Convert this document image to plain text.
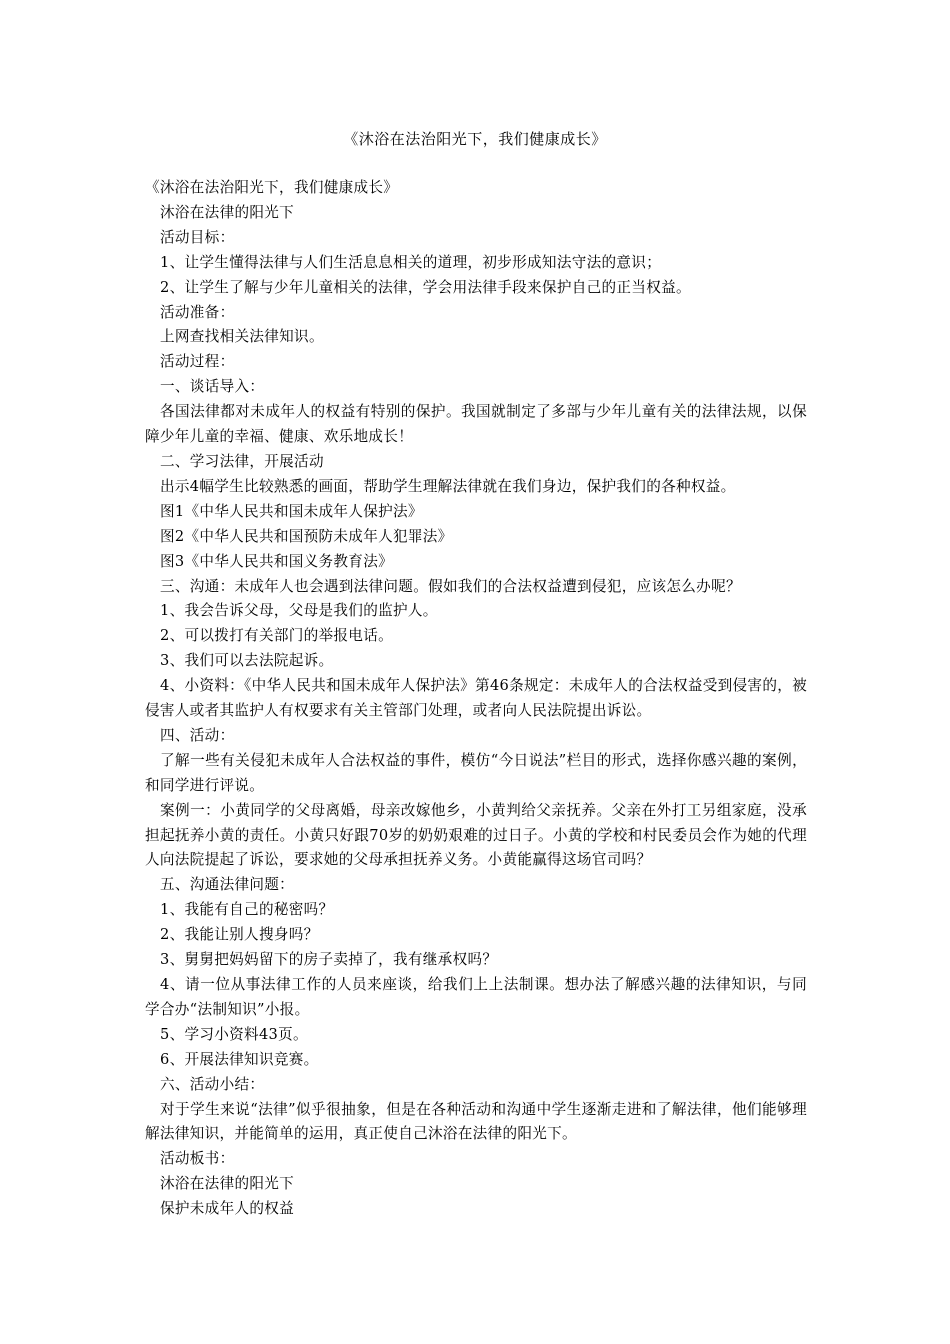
《沐浴在法治阳光下，我们健康成长》

《沐浴在法治阳光下，我们健康成长》

沐浴在法律的阳光下

活动目标：

1、让学生懂得法律与人们生活息息相关的道理，初步形成知法守法的意识；

2、让学生了解与少年儿童相关的法律，学会用法律手段来保护自己的正当权益。

活动准备：

上网查找相关法律知识。

活动过程：

一、谈话导入：

各国法律都对未成年人的权益有特别的保护。我国就制定了多部与少年儿童有关的法律法规，以保障少年儿童的幸福、健康、欢乐地成长！

二、学习法律，开展活动

出示4幅学生比较熟悉的画面，帮助学生理解法律就在我们身边，保护我们的各种权益。

图1《中华人民共和国未成年人保护法》

图2《中华人民共和国预防未成年人犯罪法》

图3《中华人民共和国义务教育法》

三、沟通：未成年人也会遇到法律问题。假如我们的合法权益遭到侵犯，应该怎么办呢？

1、我会告诉父母，父母是我们的监护人。

2、可以拨打有关部门的举报电话。

3、我们可以去法院起诉。

4、小资料：《中华人民共和国未成年人保护法》第46条规定：未成年人的合法权益受到侵害的，被侵害人或者其监护人有权要求有关主管部门处理，或者向人民法院提出诉讼。

四、活动：

了解一些有关侵犯未成年人合法权益的事件，模仿“今日说法”栏目的形式，选择你感兴趣的案例，和同学进行评说。

案例一：小黄同学的父母离婚，母亲改嫁他乡，小黄判给父亲抚养。父亲在外打工另组家庭，没承担起抚养小黄的责任。小黄只好跟70岁的奶奶艰难的过日子。小黄的学校和村民委员会作为她的代理人向法院提起了诉讼，要求她的父母承担抚养义务。小黄能赢得这场官司吗？

五、沟通法律问题：

1、我能有自己的秘密吗？

2、我能让别人搜身吗？

3、舅舅把妈妈留下的房子卖掉了，我有继承权吗？

4、请一位从事法律工作的人员来座谈，给我们上上法制课。想办法了解感兴趣的法律知识，与同学合办“法制知识”小报。

5、学习小资料43页。

6、开展法律知识竞赛。

六、活动小结：

对于学生来说“法律”似乎很抽象，但是在各种活动和沟通中学生逐渐走进和了解法律，他们能够理解法律知识，并能简单的运用，真正使自己沐浴在法律的阳光下。

活动板书：

沐浴在法律的阳光下

保护未成年人的权益
